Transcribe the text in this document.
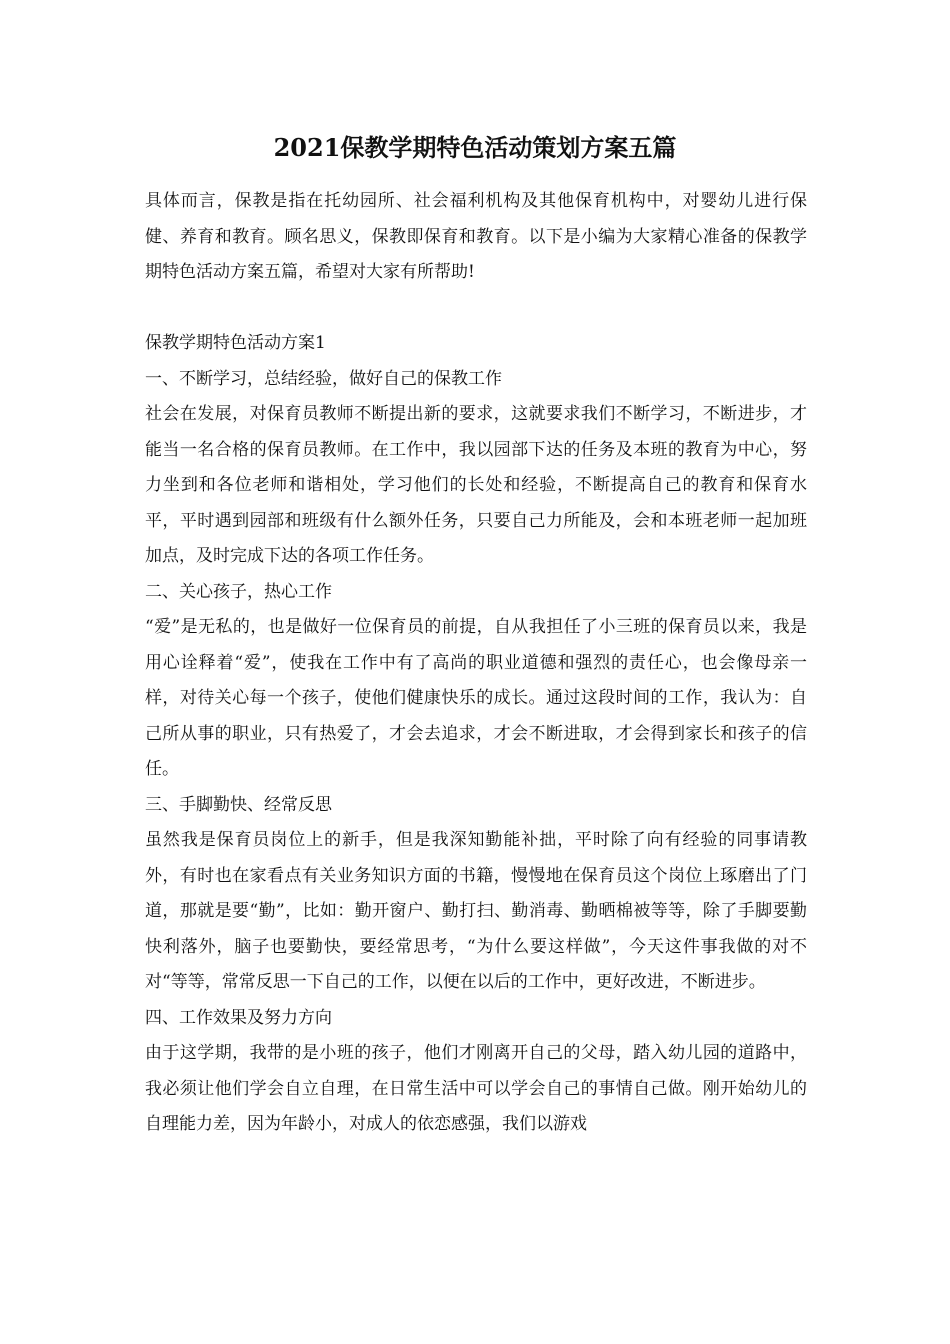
2021保教学期特色活动策划方案五篇

具体而言，保教是指在托幼园所、社会福利机构及其他保育机构中，对婴幼儿进行保健、养育和教育。顾名思义，保教即保育和教育。以下是小编为大家精心准备的保教学期特色活动方案五篇，希望对大家有所帮助!

保教学期特色活动方案1

一、不断学习，总结经验，做好自己的保教工作

社会在发展，对保育员教师不断提出新的要求，这就要求我们不断学习，不断进步，才能当一名合格的保育员教师。在工作中，我以园部下达的任务及本班的教育为中心，努力坐到和各位老师和谐相处，学习他们的长处和经验，不断提高自己的教育和保育水平，平时遇到园部和班级有什么额外任务，只要自己力所能及，会和本班老师一起加班加点，及时完成下达的各项工作任务。

二、关心孩子，热心工作

“爱”是无私的，也是做好一位保育员的前提，自从我担任了小三班的保育员以来，我是用心诠释着“爱”，使我在工作中有了高尚的职业道德和强烈的责任心，也会像母亲一样，对待关心每一个孩子，使他们健康快乐的成长。通过这段时间的工作，我认为：自己所从事的职业，只有热爱了，才会去追求，才会不断进取，才会得到家长和孩子的信任。

三、手脚勤快、经常反思

虽然我是保育员岗位上的新手，但是我深知勤能补拙，平时除了向有经验的同事请教外，有时也在家看点有关业务知识方面的书籍，慢慢地在保育员这个岗位上琢磨出了门道，那就是要“勤”，比如：勤开窗户、勤打扫、勤消毒、勤晒棉被等等，除了手脚要勤快利落外，脑子也要勤快，要经常思考，“为什么要这样做”，今天这件事我做的对不对“等等，常常反思一下自己的工作，以便在以后的工作中，更好改进，不断进步。

四、工作效果及努力方向

由于这学期，我带的是小班的孩子，他们才刚离开自己的父母，踏入幼儿园的道路中，我必须让他们学会自立自理，在日常生活中可以学会自己的事情自己做。刚开始幼儿的自理能力差，因为年龄小，对成人的依恋感强，我们以游戏
